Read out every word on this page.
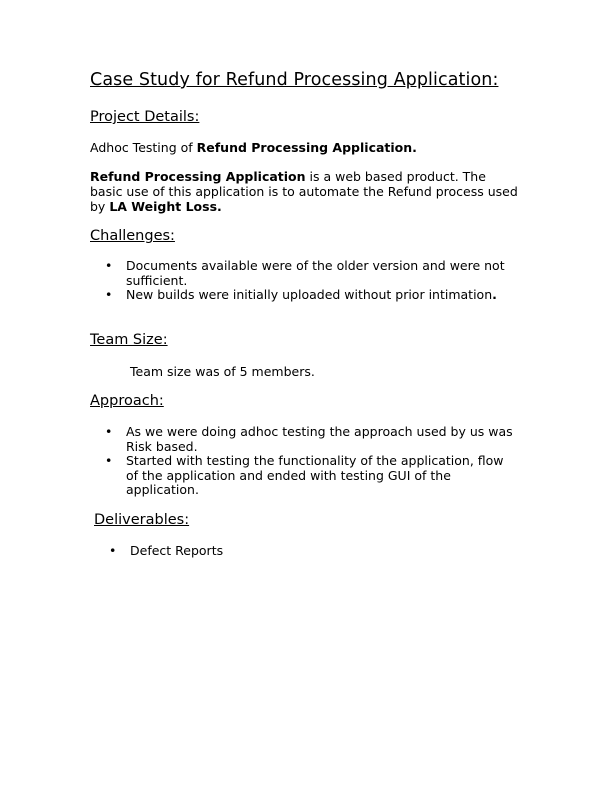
Case Study for Refund Processing Application:
Project Details:
Adhoc Testing of Refund Processing Application.
Refund Processing Application is a web based product. The basic use of this application is to automate the Refund process used by LA Weight Loss.
Challenges:
• Documents available were of the older version and were not sufficient.
• New builds were initially uploaded without prior intimation.
Team Size:
Team size was of 5 members.
Approach:
• As we were doing adhoc testing the approach used by us was Risk based.
• Started with testing the functionality of the application, flow of the application and ended with testing GUI of the application.
Deliverables:
• Defect Reports
